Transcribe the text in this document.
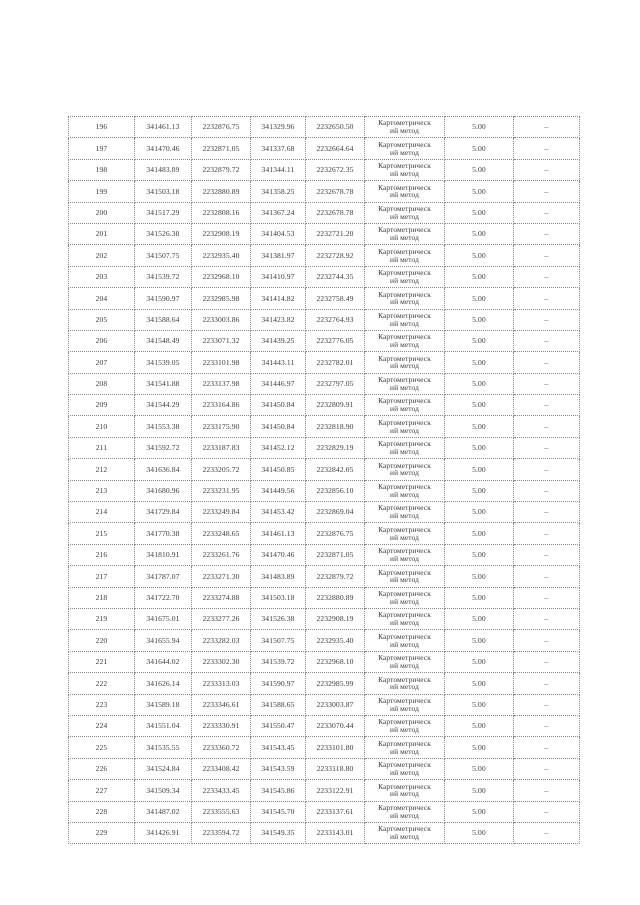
196	341461.13	2232876.75	341329.96	2232650.50	Картометрическ
ий метод	5.00	–
197	341470.46	2232871.05	341337.68	2232664.64	Картометрическ
ий метод	5.00	–
198	341483.89	2232879.72	341344.11	2232672.35	Картометрическ
ий метод	5.00	–
199	341503.18	2232880.89	341358.25	2232678.78	Картометрическ
ий метод	5.00	–
200	341517.29	2232808.16	341367.24	2232678.78	Картометрическ
ий метод	5.00	–
201	341526.38	2232908.19	341404.53	2232721.20	Картометрическ
ий метод	5.00	–
202	341507.75	2232935.40	341381.97	2232728.92	Картометрическ
ий метод	5.00	–
203	341539.72	2232968.10	341410.97	2232744.35	Картометрическ
ий метод	5.00	–
204	341590.97	2232985.98	341414.82	2232758.49	Картометрическ
ий метод	5.00	–
205	341588.64	2233003.86	341423.82	2232764.93	Картометрическ
ий метод	5.00	–
206	341548.49	2233071.32	341439.25	2232776.05	Картометрическ
ий метод	5.00	–
207	341539.05	2233101.98	341443.11	2232782.01	Картометрическ
ий метод	5.00	–
208	341541.88	2233137.98	341446.97	2232797.05	Картометрическ
ий метод	5.00	–
209	341544.29	2233164.86	341450.84	2232809.91	Картометрическ
ий метод	5.00	–
210	341553.38	2233175.90	341450.84	2232818.90	Картометрическ
ий метод	5.00	–
211	341592.72	2233187.83	341452.12	2232829.19	Картометрическ
ий метод	5.00	–
212	341636.84	2233205.72	341450.85	2232842.05	Картометрическ
ий метод	5.00	–
213	341680.96	2233231.95	341449.56	2232856.10	Картометрическ
ий метод	5.00	–
214	341729.84	2233249.84	341453.42	2232869.04	Картометрическ
ий метод	5.00	–
215	341770.38	2233248.65	341461.13	2232876.75	Картометрическ
ий метод	5.00	–
216	341810.91	2233261.76	341470.46	2232871.05	Картометрическ
ий метод	5.00	–
217	341787.07	2233271.30	341483.89	2232879.72	Картометрическ
ий метод	5.00	–
218	341722.70	2233274.88	341503.18	2232880.89	Картометрическ
ий метод	5.00	–
219	341675.01	2233277.26	341526.38	2232908.19	Картометрическ
ий метод	5.00	–
220	341655.94	2233282.03	341507.75	2232935.40	Картометрическ
ий метод	5.00	–
221	341644.02	2233302.30	341539.72	2232968.10	Картометрическ
ий метод	5.00	–
222	341626.14	2233313.03	341590.97	2232985.99	Картометрическ
ий метод	5.00	–
223	341589.18	2233346.61	341588.65	2233003.87	Картометрическ
ий метод	5.00	–
224	341551.04	2233330.91	341550.47	2233070.44	Картометрическ
ий метод	5.00	–
225	341535.55	2233360.72	341543.45	2233101.80	Картометрическ
ий метод	5.00	–
226	341524.84	2233408.42	341543.59	2233118.80	Картометрическ
ий метод	5.00	–
227	341509.34	2233433.45	341545.86	2233122.91	Картометрическ
ий метод	5.00	–
228	341487.02	2233555.63	341545.70	2233137.61	Картометрическ
ий метод	5.00	–
229	341426.91	2233594.72	341549.35	2233143.01	Картометрическ
ий метод	5.00	–
